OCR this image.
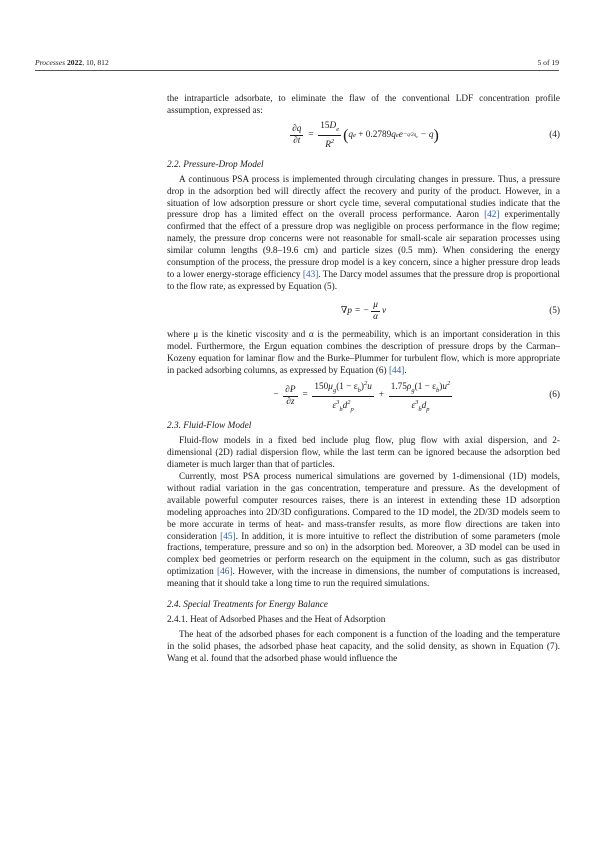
Processes 2022, 10, 812	5 of 19

the intraparticle adsorbate, to eliminate the flaw of the conventional LDF concentration profile assumption, expressed as:

$\frac{\partial q}{\partial t} = \frac{15D_e}{R^2}$ ( q e + 0.2789 q e $e -q/2q_e - q$ )	(4)
2.2. Pressure-Drop Model

A continuous PSA process is implemented through circulating changes in pressure. Thus, a pressure drop in the adsorption bed will directly affect the recovery and purity of the product. However, in a situation of low adsorption pressure or short cycle time, several computational studies indicate that the pressure drop has a limited effect on the overall process performance. Aaron [42] experimentally confirmed that the effect of a pressure drop was negligible on process performance in the flow regime; namely, the pressure drop concerns were not reasonable for small-scale air separation processes using similar column lengths (9.8–19.6 cm) and particle sizes (0.5 mm). When considering the energy consumption of the process, the pressure drop model is a key concern, since a higher pressure drop leads to a lower energy-storage efficiency [43]. The Darcy model assumes that the pressure drop is proportional to the flow rate, as expressed by Equation (5).

∇ p = − $\frac{\mu}{\alpha}$ v	(5)

where μ is the kinetic viscosity and α is the permeability, which is an important consideration in this model. Furthermore, the Ergun equation combines the description of pressure drops by the Carman–Kozeny equation for laminar flow and the Burke–Plummer for turbulent flow, which is more appropriate in packed adsorbing columns, as expressed by Equation (6) [44].

− $\frac{\partial P}{\partial z} = \frac{150\mu_g(1 - \varepsilon_b)^2u}{\varepsilon^3_bd^2_p} + \frac{1.75\rho_g(1 - \varepsilon_b)u^2}{\varepsilon^3_bd_p}$	(6)
2.3. Fluid-Flow Model

Fluid-flow models in a fixed bed include plug flow, plug flow with axial dispersion, and 2-dimensional (2D) radial dispersion flow, while the last term can be ignored because the adsorption bed diameter is much larger than that of particles.

Currently, most PSA process numerical simulations are governed by 1-dimensional (1D) models, without radial variation in the gas concentration, temperature and pressure. As the development of available powerful computer resources raises, there is an interest in extending these 1D adsorption modeling approaches into 2D/3D configurations. Compared to the 1D model, the 2D/3D models seem to be more accurate in terms of heat- and mass-transfer results, as more flow directions are taken into consideration [45]. In addition, it is more intuitive to reflect the distribution of some parameters (mole fractions, temperature, pressure and so on) in the adsorption bed. Moreover, a 3D model can be used in complex bed geometries or perform research on the equipment in the column, such as gas distributor optimization [46]. However, with the increase in dimensions, the number of computations is increased, meaning that it should take a long time to run the required simulations.

2.4. Special Treatments for Energy Balance
2.4.1. Heat of Adsorbed Phases and the Heat of Adsorption

The heat of the adsorbed phases for each component is a function of the loading and the temperature in the solid phases, the adsorbed phase heat capacity, and the solid density, as shown in Equation (7). Wang et al. found that the adsorbed phase would influence the
